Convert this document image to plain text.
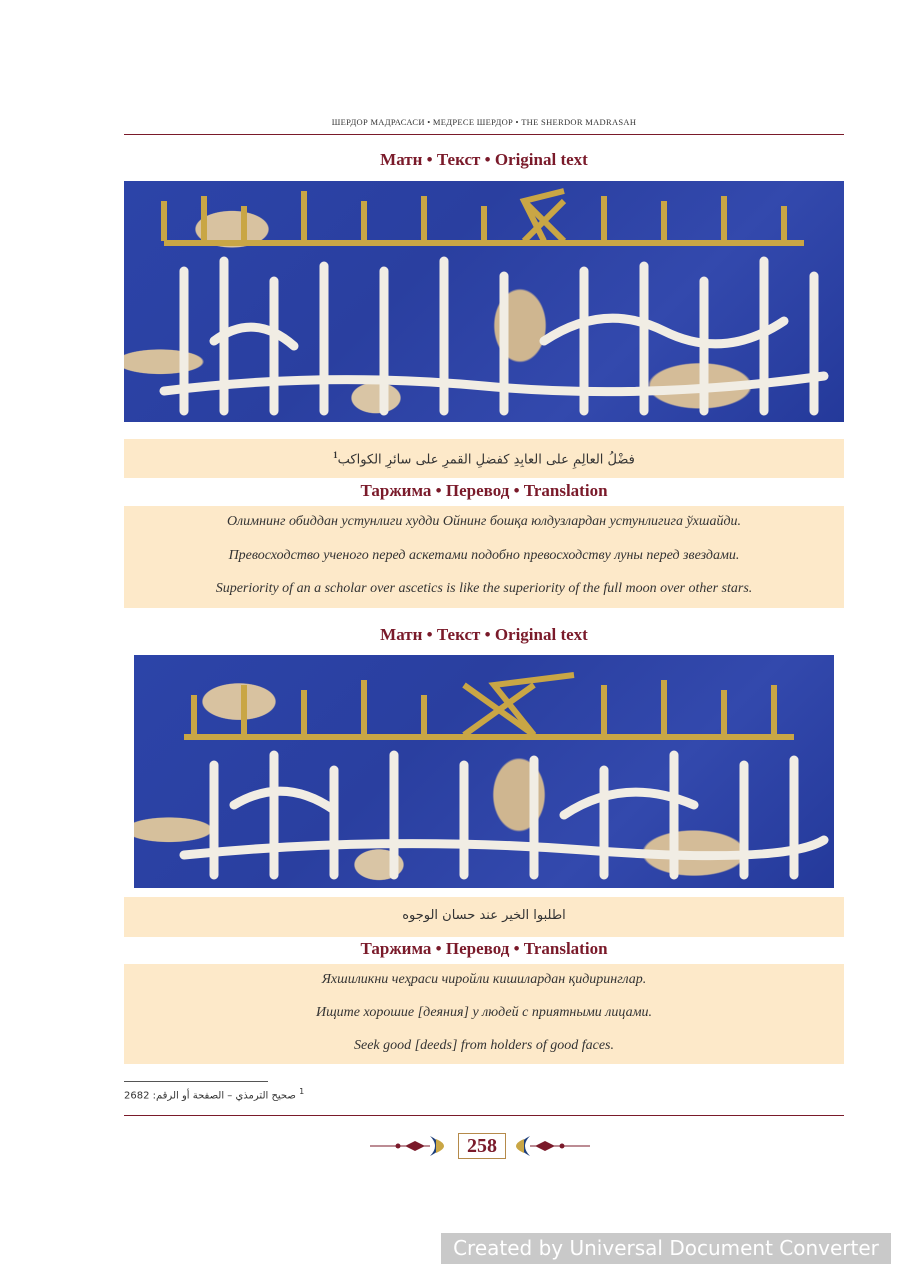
ШЕРДОР МАДРАСАСИ • МЕДРЕСЕ ШЕРДОР • THE SHERDOR MADRASAH
Матн • Текст • Original text
فضْلُ العالِمِ على العابِدِ كفضلِ القمرِ على سائرِ الكواكب$^1$
Таржима • Перевод • Translation
Олимнинг обиддан устунлиги худди Ойнинг бошқа юлдузлардан устунлигига ўхшайди.
Превосходство ученого перед аскетами подобно превосходству луны перед звездами.
Superiority of an a scholar over ascetics is like the superiority of the full moon over other stars.
Матн • Текст • Original text
اطلبوا الخير عند حسان الوجوه
Таржима • Перевод • Translation
Яхшиликни чеҳраси чиройли кишилардан қидиринглар.
Ищите хорошие [деяния] у людей с приятными лицами.
Seek good [deeds] from holders of good faces.
$^1$ صحيح الترمذي – الصفحة أو الرقم: 2682
258
Created by Universal Document Converter
